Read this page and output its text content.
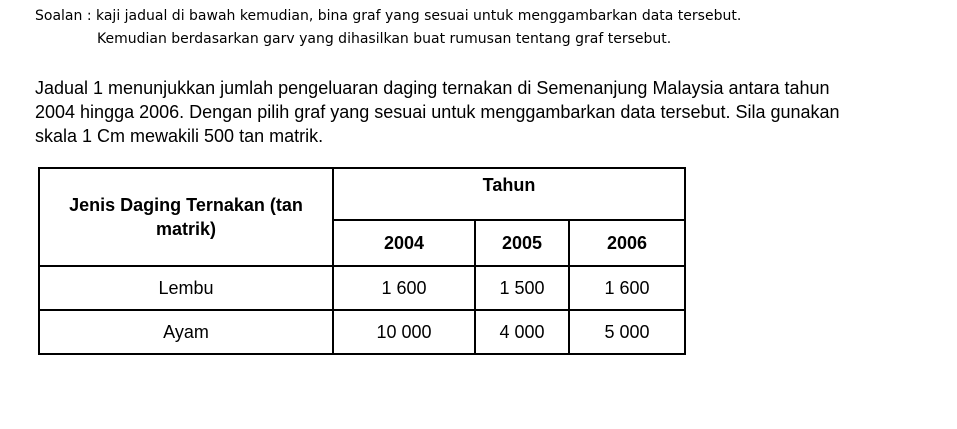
Soalan : kaji jadual di bawah kemudian, bina graf yang sesuai untuk menggambarkan data tersebut.
Kemudian berdasarkan garv yang dihasilkan buat rumusan tentang graf tersebut.
Jadual 1 menunjukkan jumlah pengeluaran daging ternakan di Semenanjung Malaysia antara tahun
2004 hingga 2006. Dengan pilih graf yang sesuai untuk menggambarkan data tersebut. Sila gunakan
skala 1 Cm mewakili 500 tan matrik.
Jenis Daging Ternakan (tan
matrik)	Tahun		
	2004	2005	2006
Lembu	1 600	1 500	1 600
Ayam	10 000	4 000	5 000
